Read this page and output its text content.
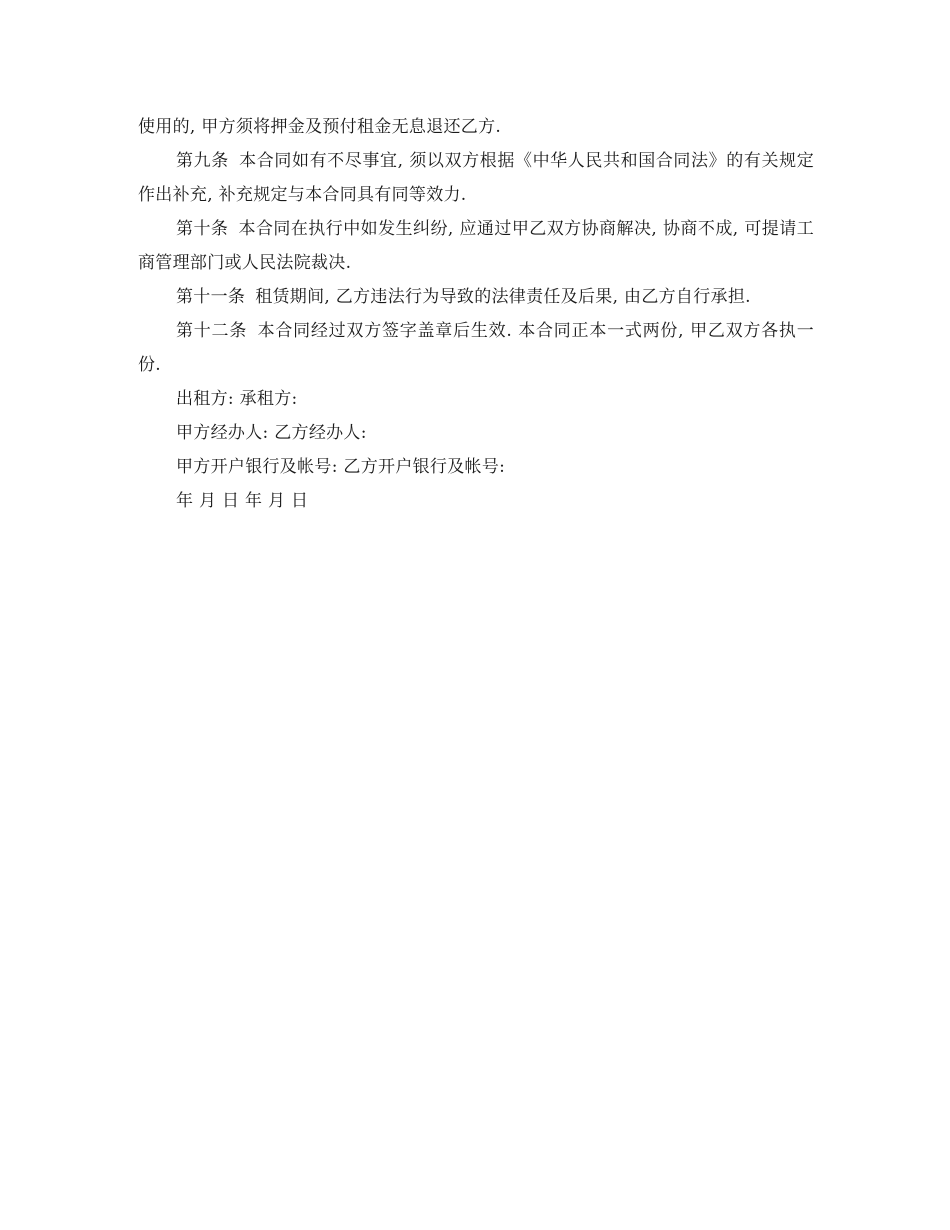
使用的, 甲方须将押金及预付租金无息退还乙方.

第九条 本合同如有不尽事宜, 须以双方根据《中华人民共和国合同法》的有关规定作出补充, 补充规定与本合同具有同等效力.

第十条 本合同在执行中如发生纠纷, 应通过甲乙双方协商解决, 协商不成, 可提请工商管理部门或人民法院裁决.

第十一条 租赁期间, 乙方违法行为导致的法律责任及后果, 由乙方自行承担.

第十二条 本合同经过双方签字盖章后生效. 本合同正本一式两份, 甲乙双方各执一份.

出租方: 承租方:

甲方经办人: 乙方经办人:

甲方开户银行及帐号: 乙方开户银行及帐号:

年 月 日 年 月 日
